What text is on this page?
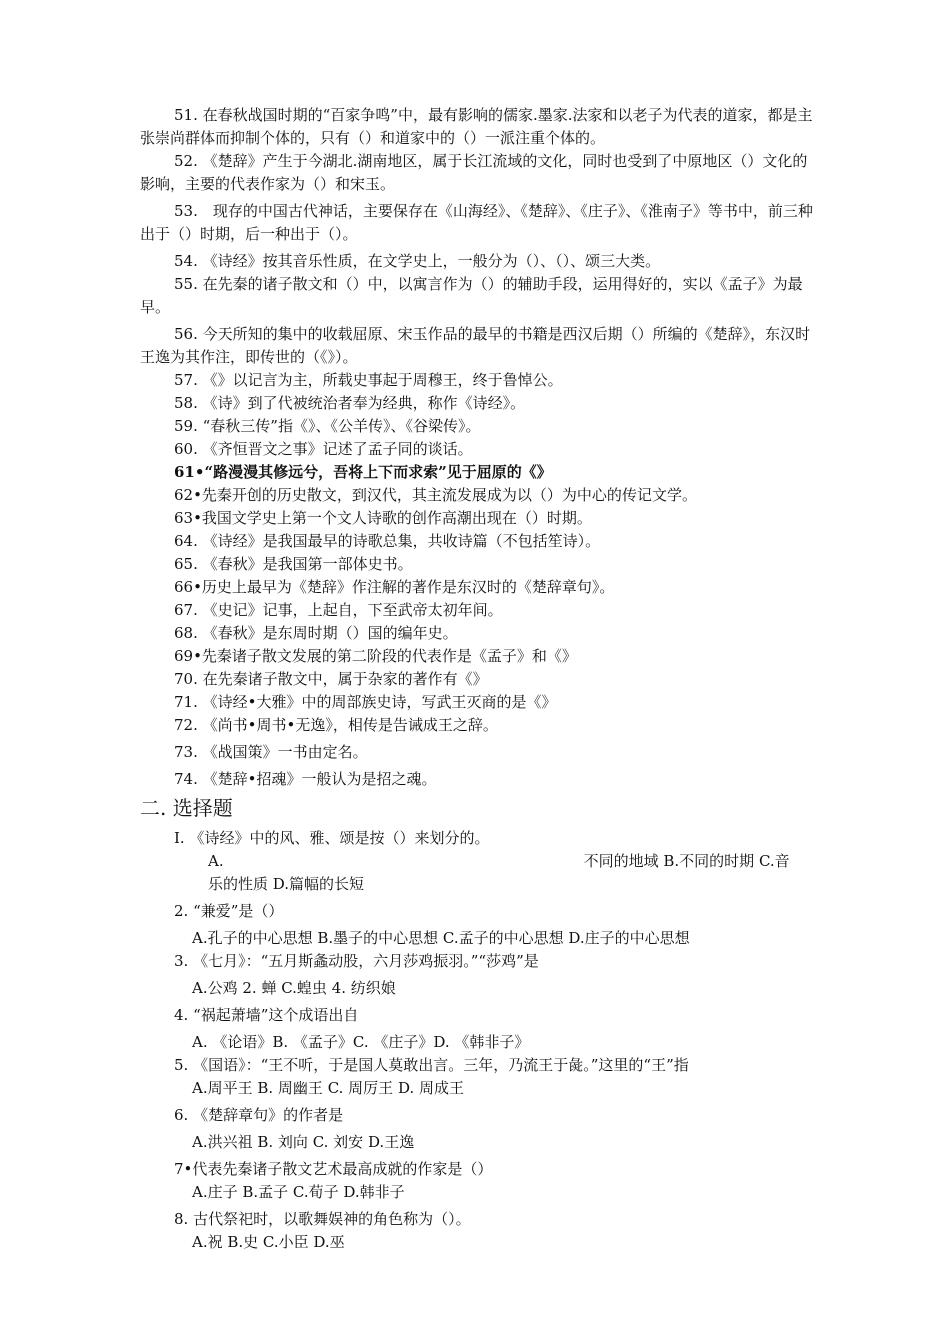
51. 在春秋战国时期的“百家争鸣”中，最有影响的儒家.墨家.法家和以老子为代表的道家，都是主张崇尚群体而抑制个体的，只有（）和道家中的（）一派注重个体的。

52. 《楚辞》产生于今湖北.湖南地区，属于长江流域的文化，同时也受到了中原地区（）文化的影响，主要的代表作家为（）和宋玉。

53.　现存的中国古代神话，主要保存在《山海经》、《楚辞》、《庄子》、《淮南子》等书中，前三种出于（）时期，后一种出于（）。

54. 《诗经》按其音乐性质，在文学史上，一般分为（）、（）、颂三大类。

55. 在先秦的诸子散文和（）中，以寓言作为（）的辅助手段，运用得好的，实以《孟子》为最早。

56. 今天所知的集中的收载屈原、宋玉作品的最早的书籍是西汉后期（）所编的《楚辞》，东汉时王逸为其作注，即传世的（《》）。

57. 《》以记言为主，所载史事起于周穆王，终于鲁悼公。

58. 《诗》到了代被统治者奉为经典，称作《诗经》。

59. “春秋三传”指《》、《公羊传》、《谷梁传》。

60. 《齐恒晋文之事》记述了孟子同的谈话。

61•“路漫漫其修远兮，吾将上下而求索”见于屈原的《》

62•先秦开创的历史散文，到汉代，其主流发展成为以（）为中心的传记文学。

63•我国文学史上第一个文人诗歌的创作高潮出现在（）时期。

64. 《诗经》是我国最早的诗歌总集，共收诗篇（不包括笙诗）。

65. 《春秋》是我国第一部体史书。

66•历史上最早为《楚辞》作注解的著作是东汉时的《楚辞章句》。

67. 《史记》记事，上起自，下至武帝太初年间。

68. 《春秋》是东周时期（）国的编年史。

69•先秦诸子散文发展的第二阶段的代表作是《孟子》和《》

70. 在先秦诸子散文中，属于杂家的著作有《》

71. 《诗经•大雅》中的周部族史诗，写武王灭商的是《》

72. 《尚书•周书•无逸》，相传是告诫成王之辞。

73. 《战国策》一书由定名。

74. 《楚辞•招魂》一般认为是招之魂。

二. 选择题

I. 《诗经》中的风、雅、颂是按（）来划分的。

A.	不同的地域 B.不同的时期 C.音

乐的性质 D.篇幅的长短

2. “兼爱”是（）

A.孔子的中心思想 B.墨子的中心思想 C.孟子的中心思想 D.庄子的中心思想

3. 《七月》：“五月斯螽动股，六月莎鸡振羽。”“莎鸡”是

A.公鸡 2. 蝉 C.蝗虫 4. 纺织娘

4. “祸起萧墙”这个成语出自

A. 《论语》B. 《孟子》C. 《庄子》D. 《韩非子》

5. 《国语》：“王不听，于是国人莫敢出言。三年，乃流王于彘。”这里的“王”指

A.周平王 B. 周幽王 C. 周厉王 D. 周成王

6. 《楚辞章句》的作者是

A.洪兴祖 B. 刘向 C. 刘安 D.王逸

7•代表先秦诸子散文艺术最高成就的作家是（）

A.庄子 B.孟子 C.荀子 D.韩非子

8. 古代祭祀时，以歌舞娱神的角色称为（）。

A.祝 B.史 C.小臣 D.巫
